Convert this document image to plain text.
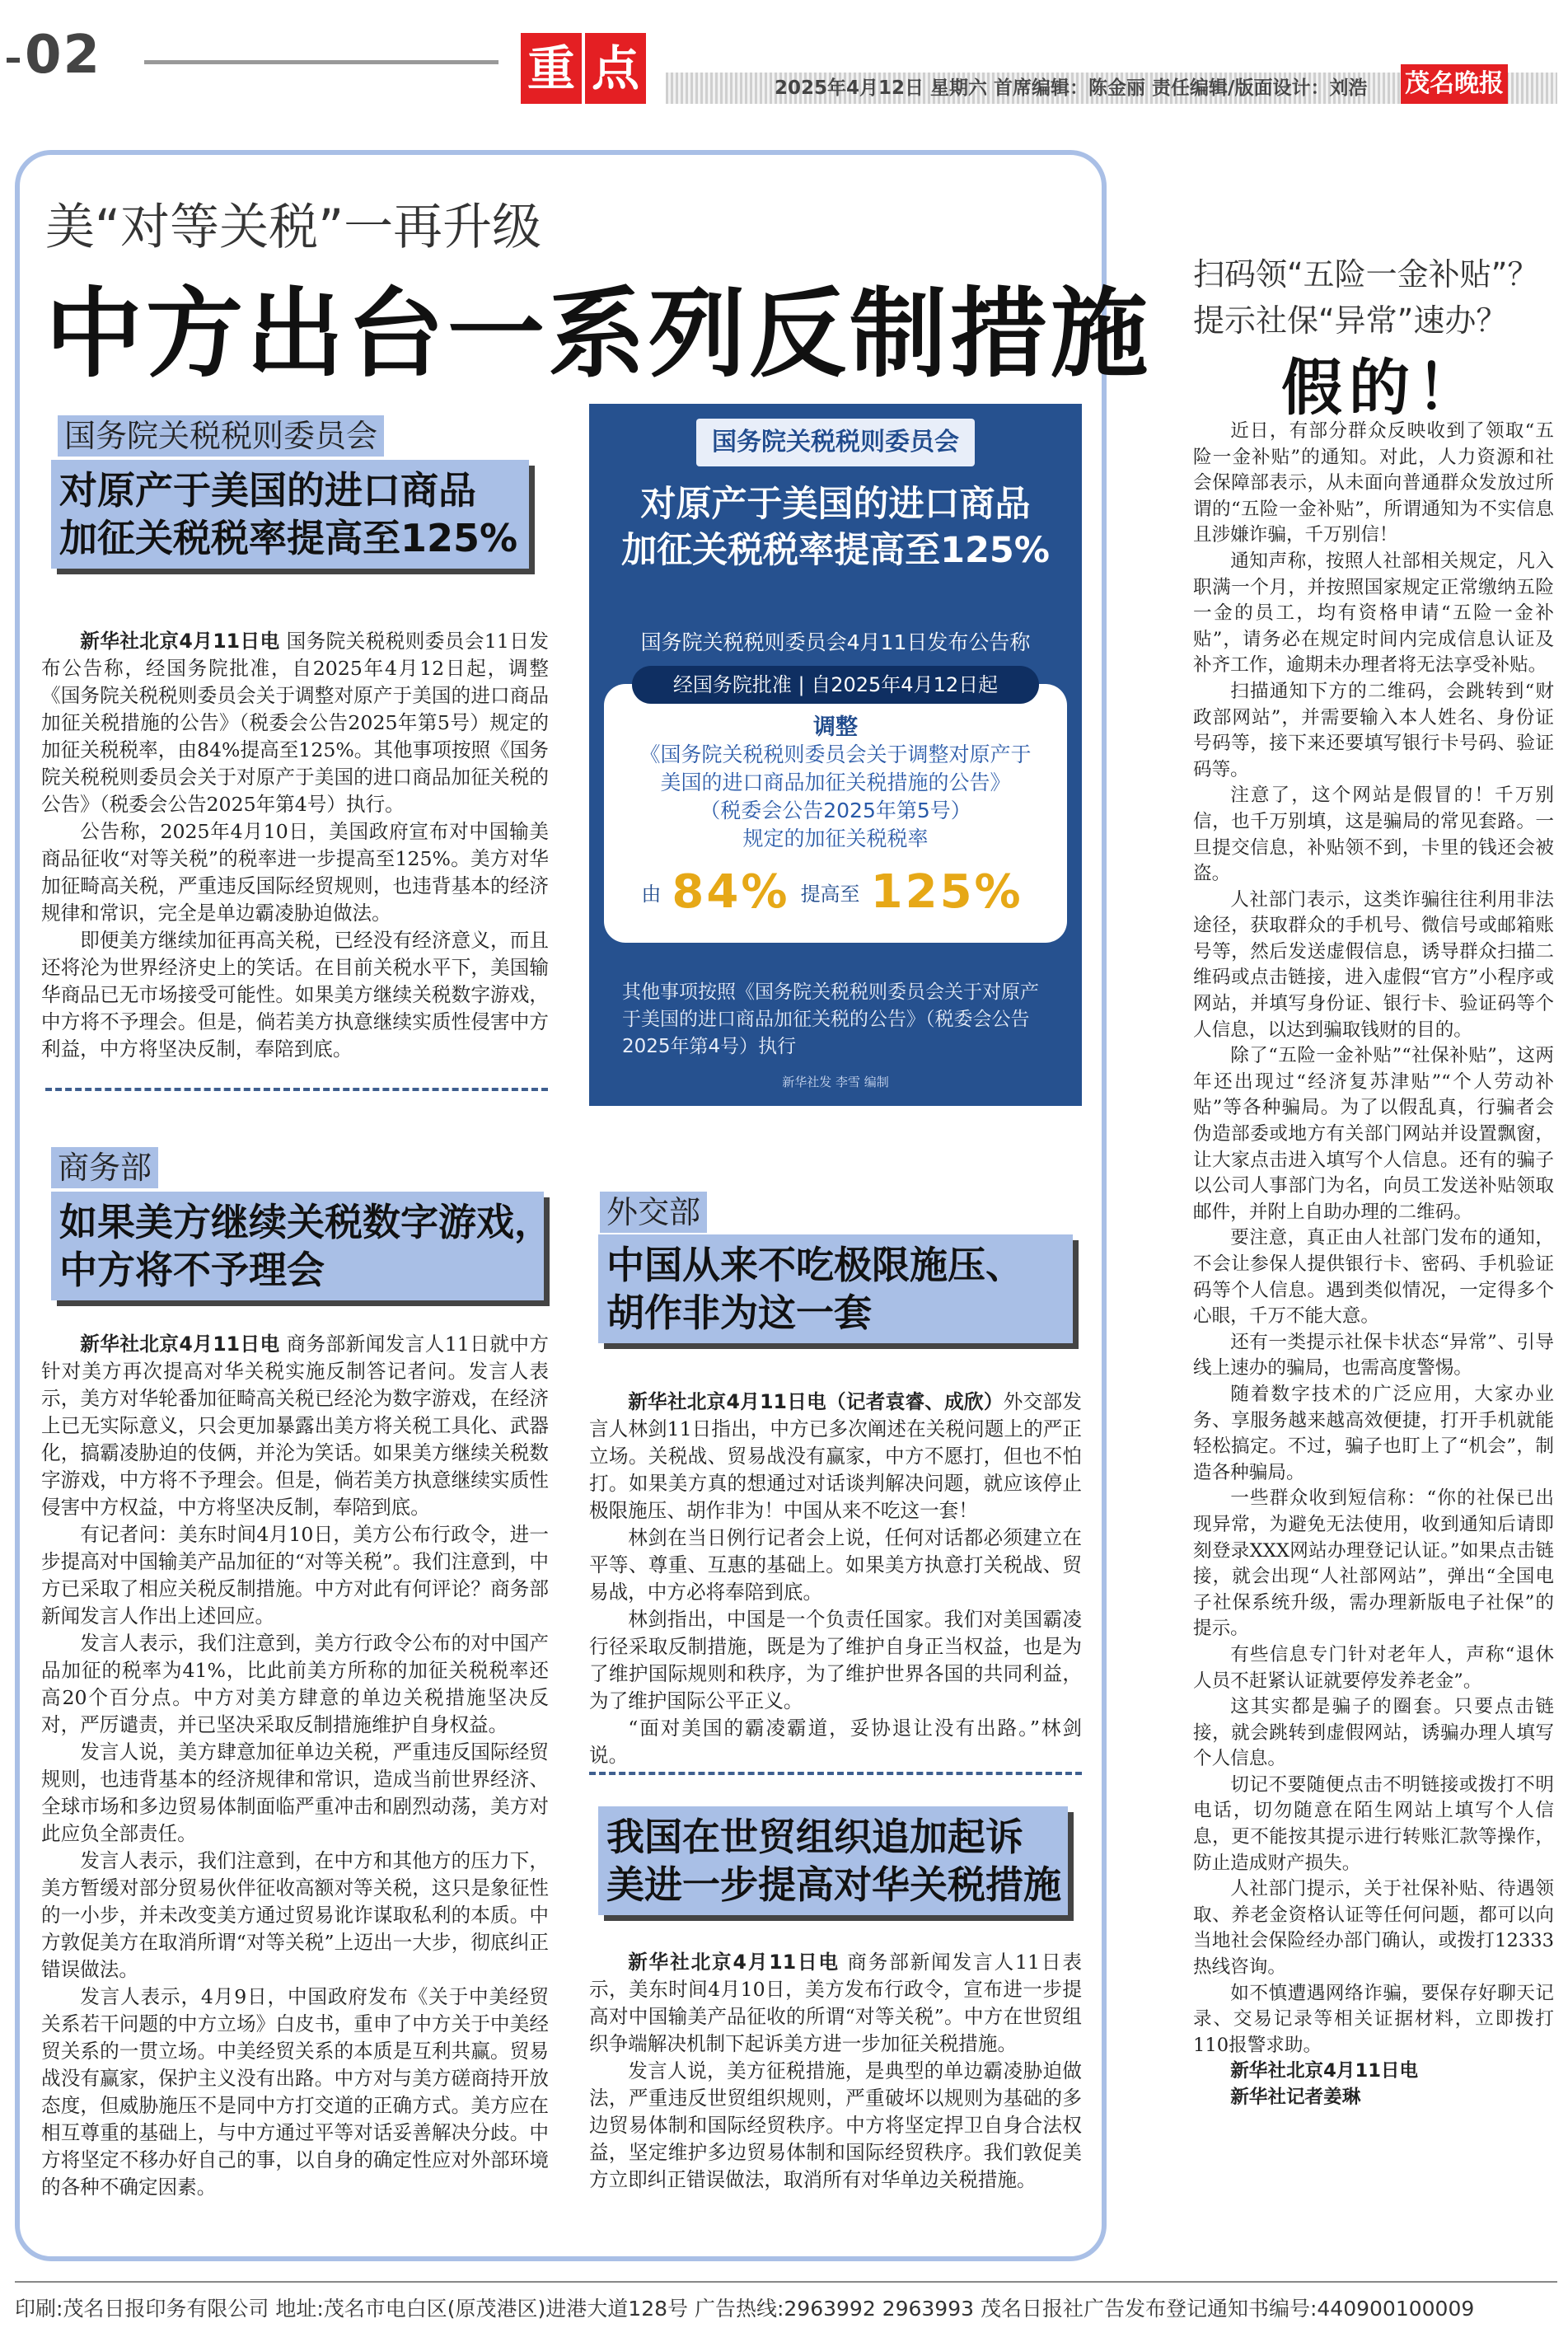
02	重 点	2025年4月12日 星期六 首席编辑：陈金丽 责任编辑/版面设计：刘浩 茂名晚报
美“对等关税”一再升级
中方出台一系列反制措施
国务院关税税则委员会
对原产于美国的进口商品
加征关税税率提高至125%

新华社北京4月11日电 国务院关税税则委员会11日发布公告称，经国务院批准，自2025年4月12日起，调整《国务院关税税则委员会关于调整对原产于美国的进口商品加征关税措施的公告》（税委会公告2025年第5号）规定的加征关税税率，由84%提高至125%。其他事项按照《国务院关税税则委员会关于对原产于美国的进口商品加征关税的公告》（税委会公告2025年第4号）执行。

公告称，2025年4月10日，美国政府宣布对中国输美商品征收“对等关税”的税率进一步提高至125%。美方对华加征畸高关税，严重违反国际经贸规则，也违背基本的经济规律和常识，完全是单边霸凌胁迫做法。

即便美方继续加征再高关税，已经没有经济意义，而且还将沦为世界经济史上的笑话。在目前关税水平下，美国输华商品已无市场接受可能性。如果美方继续关税数字游戏，中方将不予理会。但是，倘若美方执意继续实质性侵害中方利益，中方将坚决反制，奉陪到底。

国务院关税税则委员会
对原产于美国的进口商品
加征关税税率提高至125%
国务院关税税则委员会4月11日发布公告称
调整
《国务院关税税则委员会关于调整对原产于
美国的进口商品加征关税措施的公告》
（税委会公告2025年第5号）
规定的加征关税税率
由 84% 提高至 125%
经国务院批准 | 自2025年4月12日起
其他事项按照《国务院关税税则委员会关于对原产于美国的进口商品加征关税的公告》（税委会公告2025年第4号）执行
新华社发 李雪 编制
商务部
如果美方继续关税数字游戏，
中方将不予理会

新华社北京4月11日电 商务部新闻发言人11日就中方针对美方再次提高对华关税实施反制答记者问。发言人表示，美方对华轮番加征畸高关税已经沦为数字游戏，在经济上已无实际意义，只会更加暴露出美方将关税工具化、武器化，搞霸凌胁迫的伎俩，并沦为笑话。如果美方继续关税数字游戏，中方将不予理会。但是，倘若美方执意继续实质性侵害中方权益，中方将坚决反制，奉陪到底。

有记者问：美东时间4月10日，美方公布行政令，进一步提高对中国输美产品加征的“对等关税”。我们注意到，中方已采取了相应关税反制措施。中方对此有何评论？商务部新闻发言人作出上述回应。

发言人表示，我们注意到，美方行政令公布的对中国产品加征的税率为41%，比此前美方所称的加征关税税率还高20个百分点。中方对美方肆意的单边关税措施坚决反对，严厉谴责，并已坚决采取反制措施维护自身权益。

发言人说，美方肆意加征单边关税，严重违反国际经贸规则，也违背基本的经济规律和常识，造成当前世界经济、全球市场和多边贸易体制面临严重冲击和剧烈动荡，美方对此应负全部责任。

发言人表示，我们注意到，在中方和其他方的压力下，美方暂缓对部分贸易伙伴征收高额对等关税，这只是象征性的一小步，并未改变美方通过贸易讹诈谋取私利的本质。中方敦促美方在取消所谓“对等关税”上迈出一大步，彻底纠正错误做法。

发言人表示，4月9日，中国政府发布《关于中美经贸关系若干问题的中方立场》白皮书，重申了中方关于中美经贸关系的一贯立场。中美经贸关系的本质是互利共赢。贸易战没有赢家，保护主义没有出路。中方对与美方磋商持开放态度，但威胁施压不是同中方打交道的正确方式。美方应在相互尊重的基础上，与中方通过平等对话妥善解决分歧。中方将坚定不移办好自己的事，以自身的确定性应对外部环境的各种不确定因素。

外交部
中国从来不吃极限施压、
胡作非为这一套

新华社北京4月11日电（记者袁睿、成欣）外交部发言人林剑11日指出，中方已多次阐述在关税问题上的严正立场。关税战、贸易战没有赢家，中方不愿打，但也不怕打。如果美方真的想通过对话谈判解决问题，就应该停止极限施压、胡作非为！中国从来不吃这一套！

林剑在当日例行记者会上说，任何对话都必须建立在平等、尊重、互惠的基础上。如果美方执意打关税战、贸易战，中方必将奉陪到底。

林剑指出，中国是一个负责任国家。我们对美国霸凌行径采取反制措施，既是为了维护自身正当权益，也是为了维护国际规则和秩序，为了维护世界各国的共同利益，为了维护国际公平正义。

“面对美国的霸凌霸道，妥协退让没有出路。”林剑说。

我国在世贸组织追加起诉
美进一步提高对华关税措施

新华社北京4月11日电 商务部新闻发言人11日表示，美东时间4月10日，美方发布行政令，宣布进一步提高对中国输美产品征收的所谓“对等关税”。中方在世贸组织争端解决机制下起诉美方进一步加征关税措施。

发言人说，美方征税措施，是典型的单边霸凌胁迫做法，严重违反世贸组织规则，严重破坏以规则为基础的多边贸易体制和国际经贸秩序。中方将坚定捍卫自身合法权益，坚定维护多边贸易体制和国际经贸秩序。我们敦促美方立即纠正错误做法，取消所有对华单边关税措施。

扫码领“五险一金补贴”？
提示社保“异常”速办？
假的！

近日，有部分群众反映收到了领取“五险一金补贴”的通知。对此，人力资源和社会保障部表示，从未面向普通群众发放过所谓的“五险一金补贴”，所谓通知为不实信息且涉嫌诈骗，千万别信！

通知声称，按照人社部相关规定，凡入职满一个月，并按照国家规定正常缴纳五险一金的员工，均有资格申请“五险一金补贴”，请务必在规定时间内完成信息认证及补齐工作，逾期未办理者将无法享受补贴。

扫描通知下方的二维码，会跳转到“财政部网站”，并需要输入本人姓名、身份证号码等，接下来还要填写银行卡号码、验证码等。

注意了，这个网站是假冒的！千万别信，也千万别填，这是骗局的常见套路。一旦提交信息，补贴领不到，卡里的钱还会被盗。

人社部门表示，这类诈骗往往利用非法途径，获取群众的手机号、微信号或邮箱账号等，然后发送虚假信息，诱导群众扫描二维码或点击链接，进入虚假“官方”小程序或网站，并填写身份证、银行卡、验证码等个人信息，以达到骗取钱财的目的。

除了“五险一金补贴”“社保补贴”，这两年还出现过“经济复苏津贴”“个人劳动补贴”等各种骗局。为了以假乱真，行骗者会伪造部委或地方有关部门网站并设置飘窗，让大家点击进入填写个人信息。还有的骗子以公司人事部门为名，向员工发送补贴领取邮件，并附上自助办理的二维码。

要注意，真正由人社部门发布的通知，不会让参保人提供银行卡、密码、手机验证码等个人信息。遇到类似情况，一定得多个心眼，千万不能大意。

还有一类提示社保卡状态“异常”、引导线上速办的骗局，也需高度警惕。

随着数字技术的广泛应用，大家办业务、享服务越来越高效便捷，打开手机就能轻松搞定。不过，骗子也盯上了“机会”，制造各种骗局。

一些群众收到短信称：“你的社保已出现异常，为避免无法使用，收到通知后请即刻登录XXX网站办理登记认证。”如果点击链接，就会出现“人社部网站”，弹出“全国电子社保系统升级，需办理新版电子社保”的提示。

有些信息专门针对老年人，声称“退休人员不赶紧认证就要停发养老金”。

这其实都是骗子的圈套。只要点击链接，就会跳转到虚假网站，诱骗办理人填写个人信息。

切记不要随便点击不明链接或拨打不明电话，切勿随意在陌生网站上填写个人信息，更不能按其提示进行转账汇款等操作，防止造成财产损失。

人社部门提示，关于社保补贴、待遇领取、养老金资格认证等任何问题，都可以向当地社会保险经办部门确认，或拨打12333热线咨询。

如不慎遭遇网络诈骗，要保存好聊天记录、交易记录等相关证据材料，立即拨打110报警求助。

新华社北京4月11日电

新华社记者姜琳

印刷:茂名日报印务有限公司 地址:茂名市电白区(原茂港区)进港大道128号 广告热线:2963992 2963993 茂名日报社广告发布登记通知书编号:440900100009
